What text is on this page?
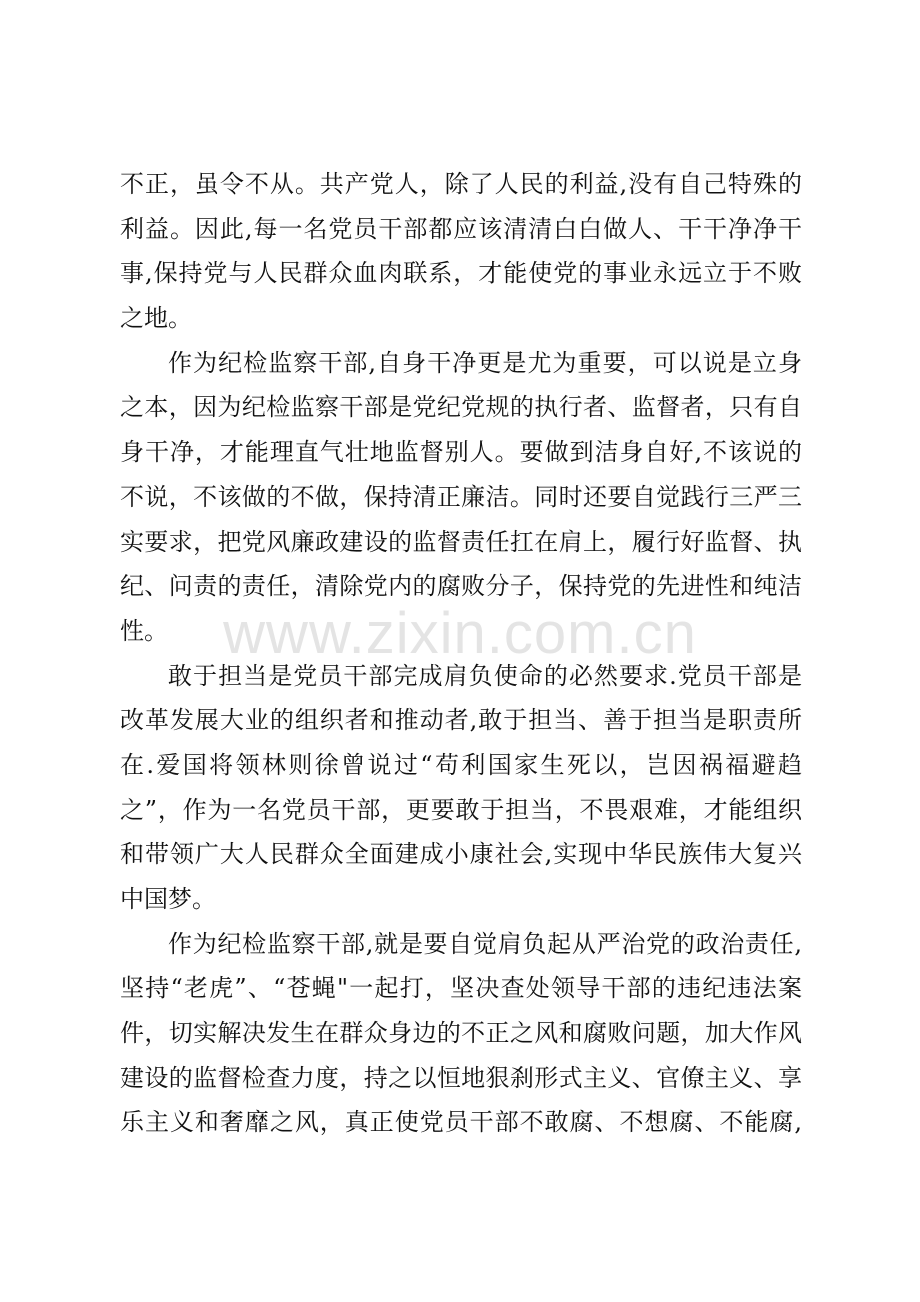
www.zixin.com.cn
不正，虽令不从。共产党人，除了人民的利益,没有自己特殊的
利益。因此,每一名党员干部都应该清清白白做人、干干净净干
事,保持党与人民群众血肉联系，才能使党的事业永远立于不败
之地。
作为纪检监察干部,自身干净更是尤为重要，可以说是立身
之本，因为纪检监察干部是党纪党规的执行者、监督者，只有自
身干净，才能理直气壮地监督别人。要做到洁身自好,不该说的
不说，不该做的不做，保持清正廉洁。同时还要自觉践行三严三
实要求，把党风廉政建设的监督责任扛在肩上，履行好监督、执
纪、问责的责任，清除党内的腐败分子，保持党的先进性和纯洁
性。
敢于担当是党员干部完成肩负使命的必然要求.党员干部是
改革发展大业的组织者和推动者,敢于担当、善于担当是职责所
在.爱国将领林则徐曾说过“苟利国家生死以，岂因祸福避趋
之”，作为一名党员干部，更要敢于担当，不畏艰难，才能组织
和带领广大人民群众全面建成小康社会,实现中华民族伟大复兴
中国梦。
作为纪检监察干部,就是要自觉肩负起从严治党的政治责任,
坚持“老虎”、“苍蝇"一起打，坚决查处领导干部的违纪违法案
件，切实解决发生在群众身边的不正之风和腐败问题，加大作风
建设的监督检查力度，持之以恒地狠刹形式主义、官僚主义、享
乐主义和奢靡之风，真正使党员干部不敢腐、不想腐、不能腐,
